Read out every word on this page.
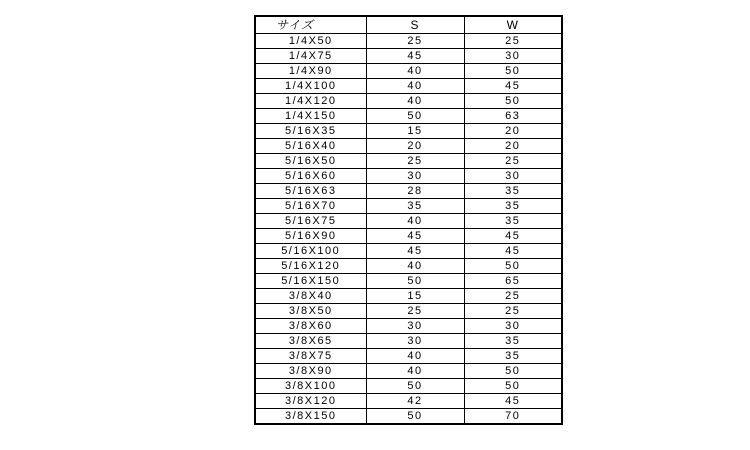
サイズ	S	W
1/4X50	25	25
1/4X75	45	30
1/4X90	40	50
1/4X100	40	45
1/4X120	40	50
1/4X150	50	63
5/16X35	15	20
5/16X40	20	20
5/16X50	25	25
5/16X60	30	30
5/16X63	28	35
5/16X70	35	35
5/16X75	40	35
5/16X90	45	45
5/16X100	45	45
5/16X120	40	50
5/16X150	50	65
3/8X40	15	25
3/8X50	25	25
3/8X60	30	30
3/8X65	30	35
3/8X75	40	35
3/8X90	40	50
3/8X100	50	50
3/8X120	42	45
3/8X150	50	70
